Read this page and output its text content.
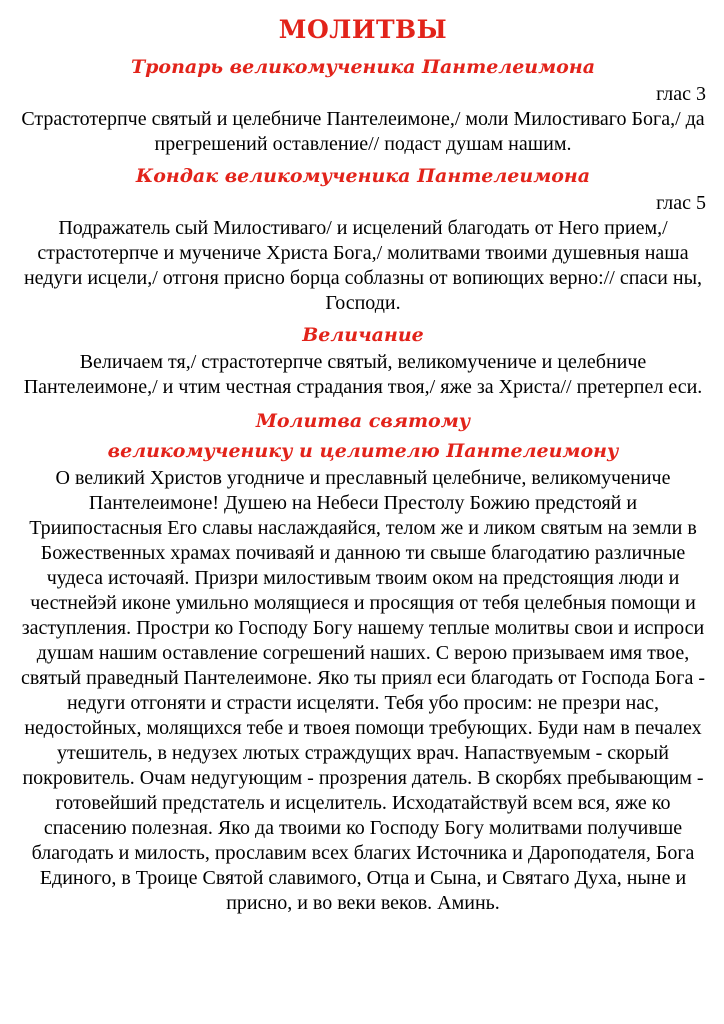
МОЛИТВЫ
Тропарь великомученика Пантелеимона

глас 3

Страстотерпче святый и целебниче Пантелеимоне,/ моли Милостиваго Бога,/ да прегрешений оставление// подаст душам нашим.

Кондак великомученика Пантелеимона

глас 5

Подражатель сый Милостиваго/ и исцелений благодать от Него прием,/ страстотерпче и мучениче Христа Бога,/ молитвами твоими душевныя наша недуги исцели,/ отгоня присно борца соблазны от вопиющих верно:// спаси ны, Господи.

Величание

Величаем тя,/ страстотерпче святый, великомучениче и целебниче Пантелеимоне,/ и чтим честная страдания твоя,/ яже за Христа// претерпел еси.

Молитва святому
великомученику и целителю Пантелеимону

О великий Христов угодниче и преславный целебниче, великомучениче Пантелеимоне! Душею на Небеси Престолу Божию предстояй и Триипостасныя Его славы наслаждаяйся, телом же и ликом святым на земли в Божественных храмах почиваяй и данною ти свыше благодатию различные чудеса источаяй. Призри милостивым твоим оком на предстоящия люди и честнейэй иконе умильно молящиеся и просящия от тебя целебныя помощи и заступления. Простри ко Господу Богу нашему теплые молитвы свои и испроси душам нашим оставление согрешений наших. С верою призываем имя твое, святый праведный Пантелеимоне. Яко ты приял еси благодать от Господа Бога - недуги отгоняти и страсти исцеляти. Тебя убо просим: не презри нас, недостойных, молящихся тебе и твоея помощи требующих. Буди нам в печалех утешитель, в недузех лютых страждущих врач. Напаствуемым - скорый покровитель. Очам недугующим - прозрения датель. В скорбях пребывающим - готовейший предстатель и исцелитель. Исходатайствуй всем вся, яже ко спасению полезная. Яко да твоими ко Господу Богу молитвами получивше благодать и милость, прославим всех благих Источника и Дароподателя, Бога Единого, в Троице Святой славимого, Отца и Сына, и Святаго Духа, ныне и присно, и во веки веков. Аминь.
